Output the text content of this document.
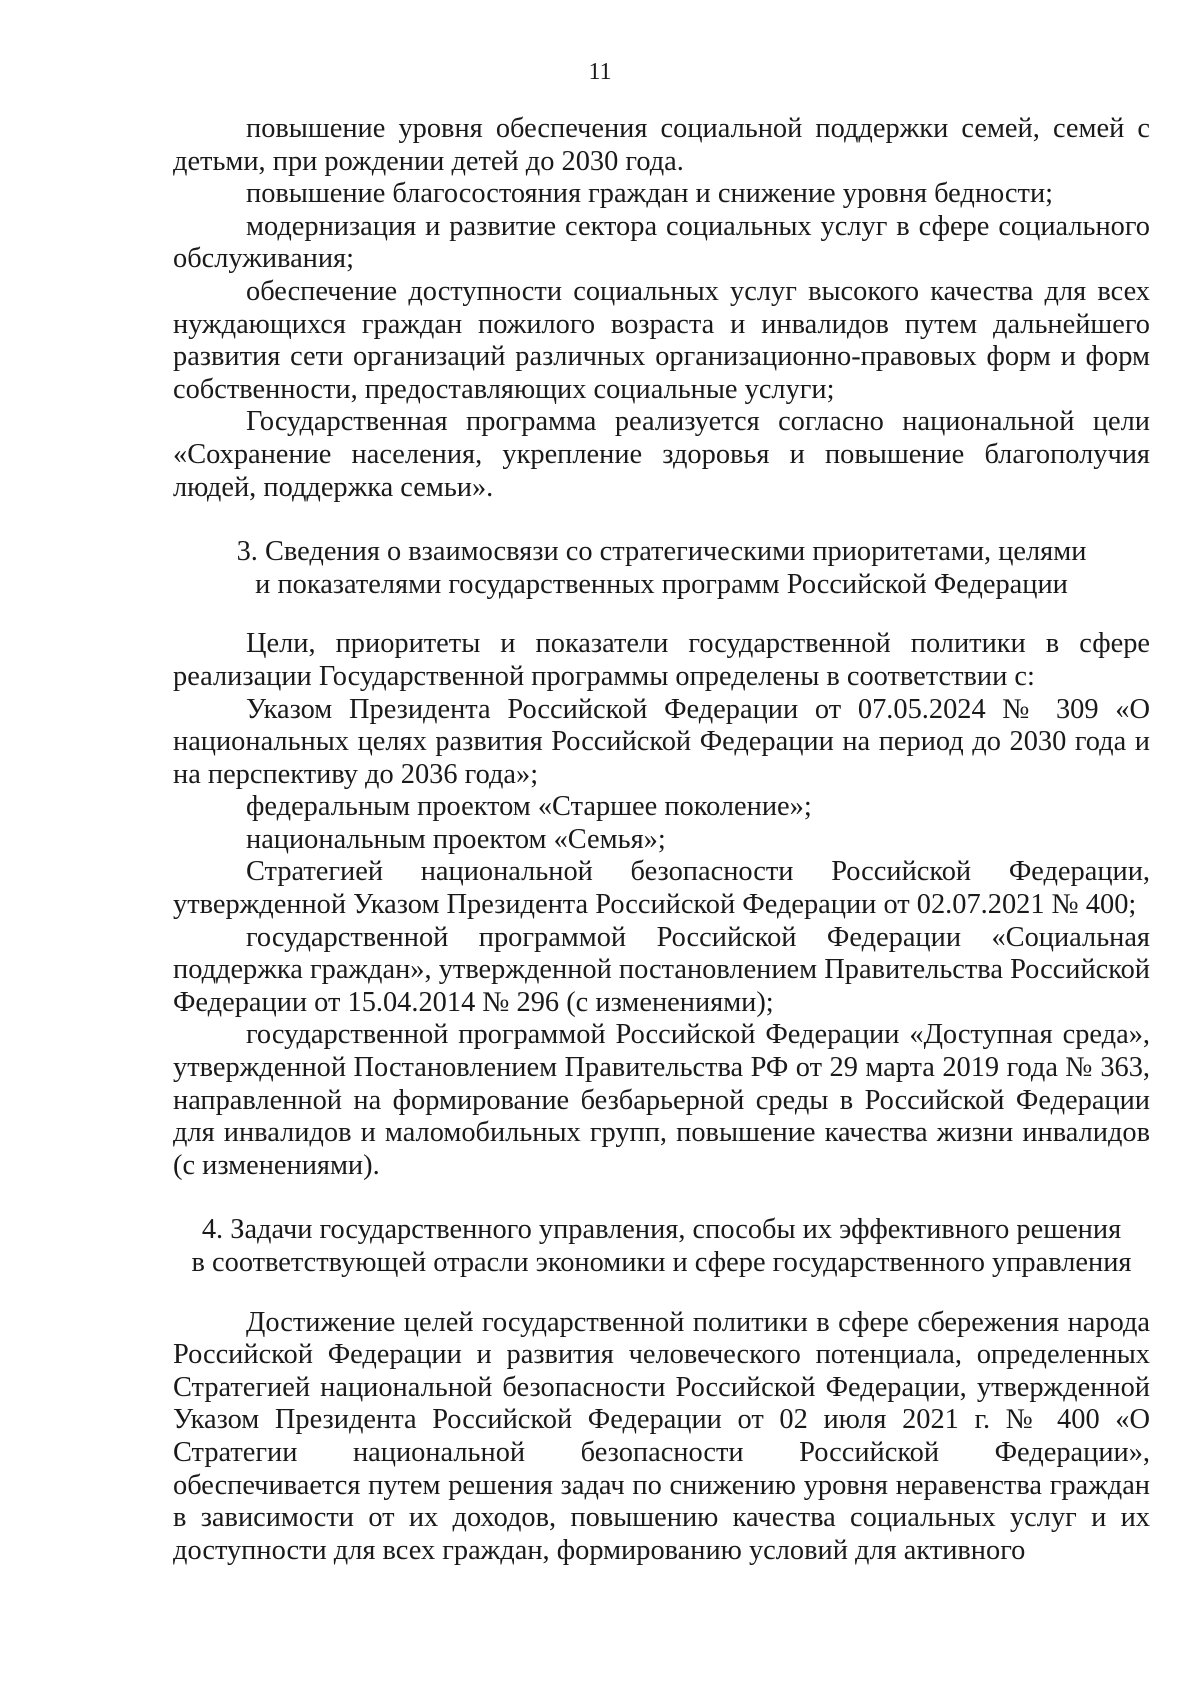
11

повышение уровня обеспечения социальной поддержки семей, семей с детьми, при рождении детей до 2030 года.

повышение благосостояния граждан и снижение уровня бедности;

модернизация и развитие сектора социальных услуг в сфере социального обслуживания;

обеспечение доступности социальных услуг высокого качества для всех нуждающихся граждан пожилого возраста и инвалидов путем дальнейшего развития сети организаций различных организационно-правовых форм и форм собственности, предоставляющих социальные услуги;

Государственная программа реализуется согласно национальной цели «Сохранение населения, укрепление здоровья и повышение благополучия людей, поддержка семьи».

3. Сведения о взаимосвязи со стратегическими приоритетами, целями

и показателями государственных программ Российской Федерации

Цели, приоритеты и показатели государственной политики в сфере реализации Государственной программы определены в соответствии с:

Указом Президента Российской Федерации от 07.05.2024 № 309 «О национальных целях развития Российской Федерации на период до 2030 года и на перспективу до 2036 года»;

федеральным проектом «Старшее поколение»;

национальным проектом «Семья»;

Стратегией национальной безопасности Российской Федерации, утвержденной Указом Президента Российской Федерации от 02.07.2021 № 400;

государственной программой Российской Федерации «Социальная поддержка граждан», утвержденной постановлением Правительства Российской Федерации от 15.04.2014 № 296 (с изменениями);

государственной программой Российской Федерации «Доступная среда», утвержденной Постановлением Правительства РФ от 29 марта 2019 года № 363, направленной на формирование безбарьерной среды в Российской Федерации для инвалидов и маломобильных групп, повышение качества жизни инвалидов (с изменениями).

4. Задачи государственного управления, способы их эффективного решения

в соответствующей отрасли экономики и сфере государственного управления

Достижение целей государственной политики в сфере сбережения народа Российской Федерации и развития человеческого потенциала, определенных Стратегией национальной безопасности Российской Федерации, утвержденной Указом Президента Российской Федерации от 02 июля 2021 г. № 400 «О Стратегии национальной безопасности Российской Федерации», обеспечивается путем решения задач по снижению уровня неравенства граждан в зависимости от их доходов, повышению качества социальных услуг и их доступности для всех граждан, формированию условий для активного
